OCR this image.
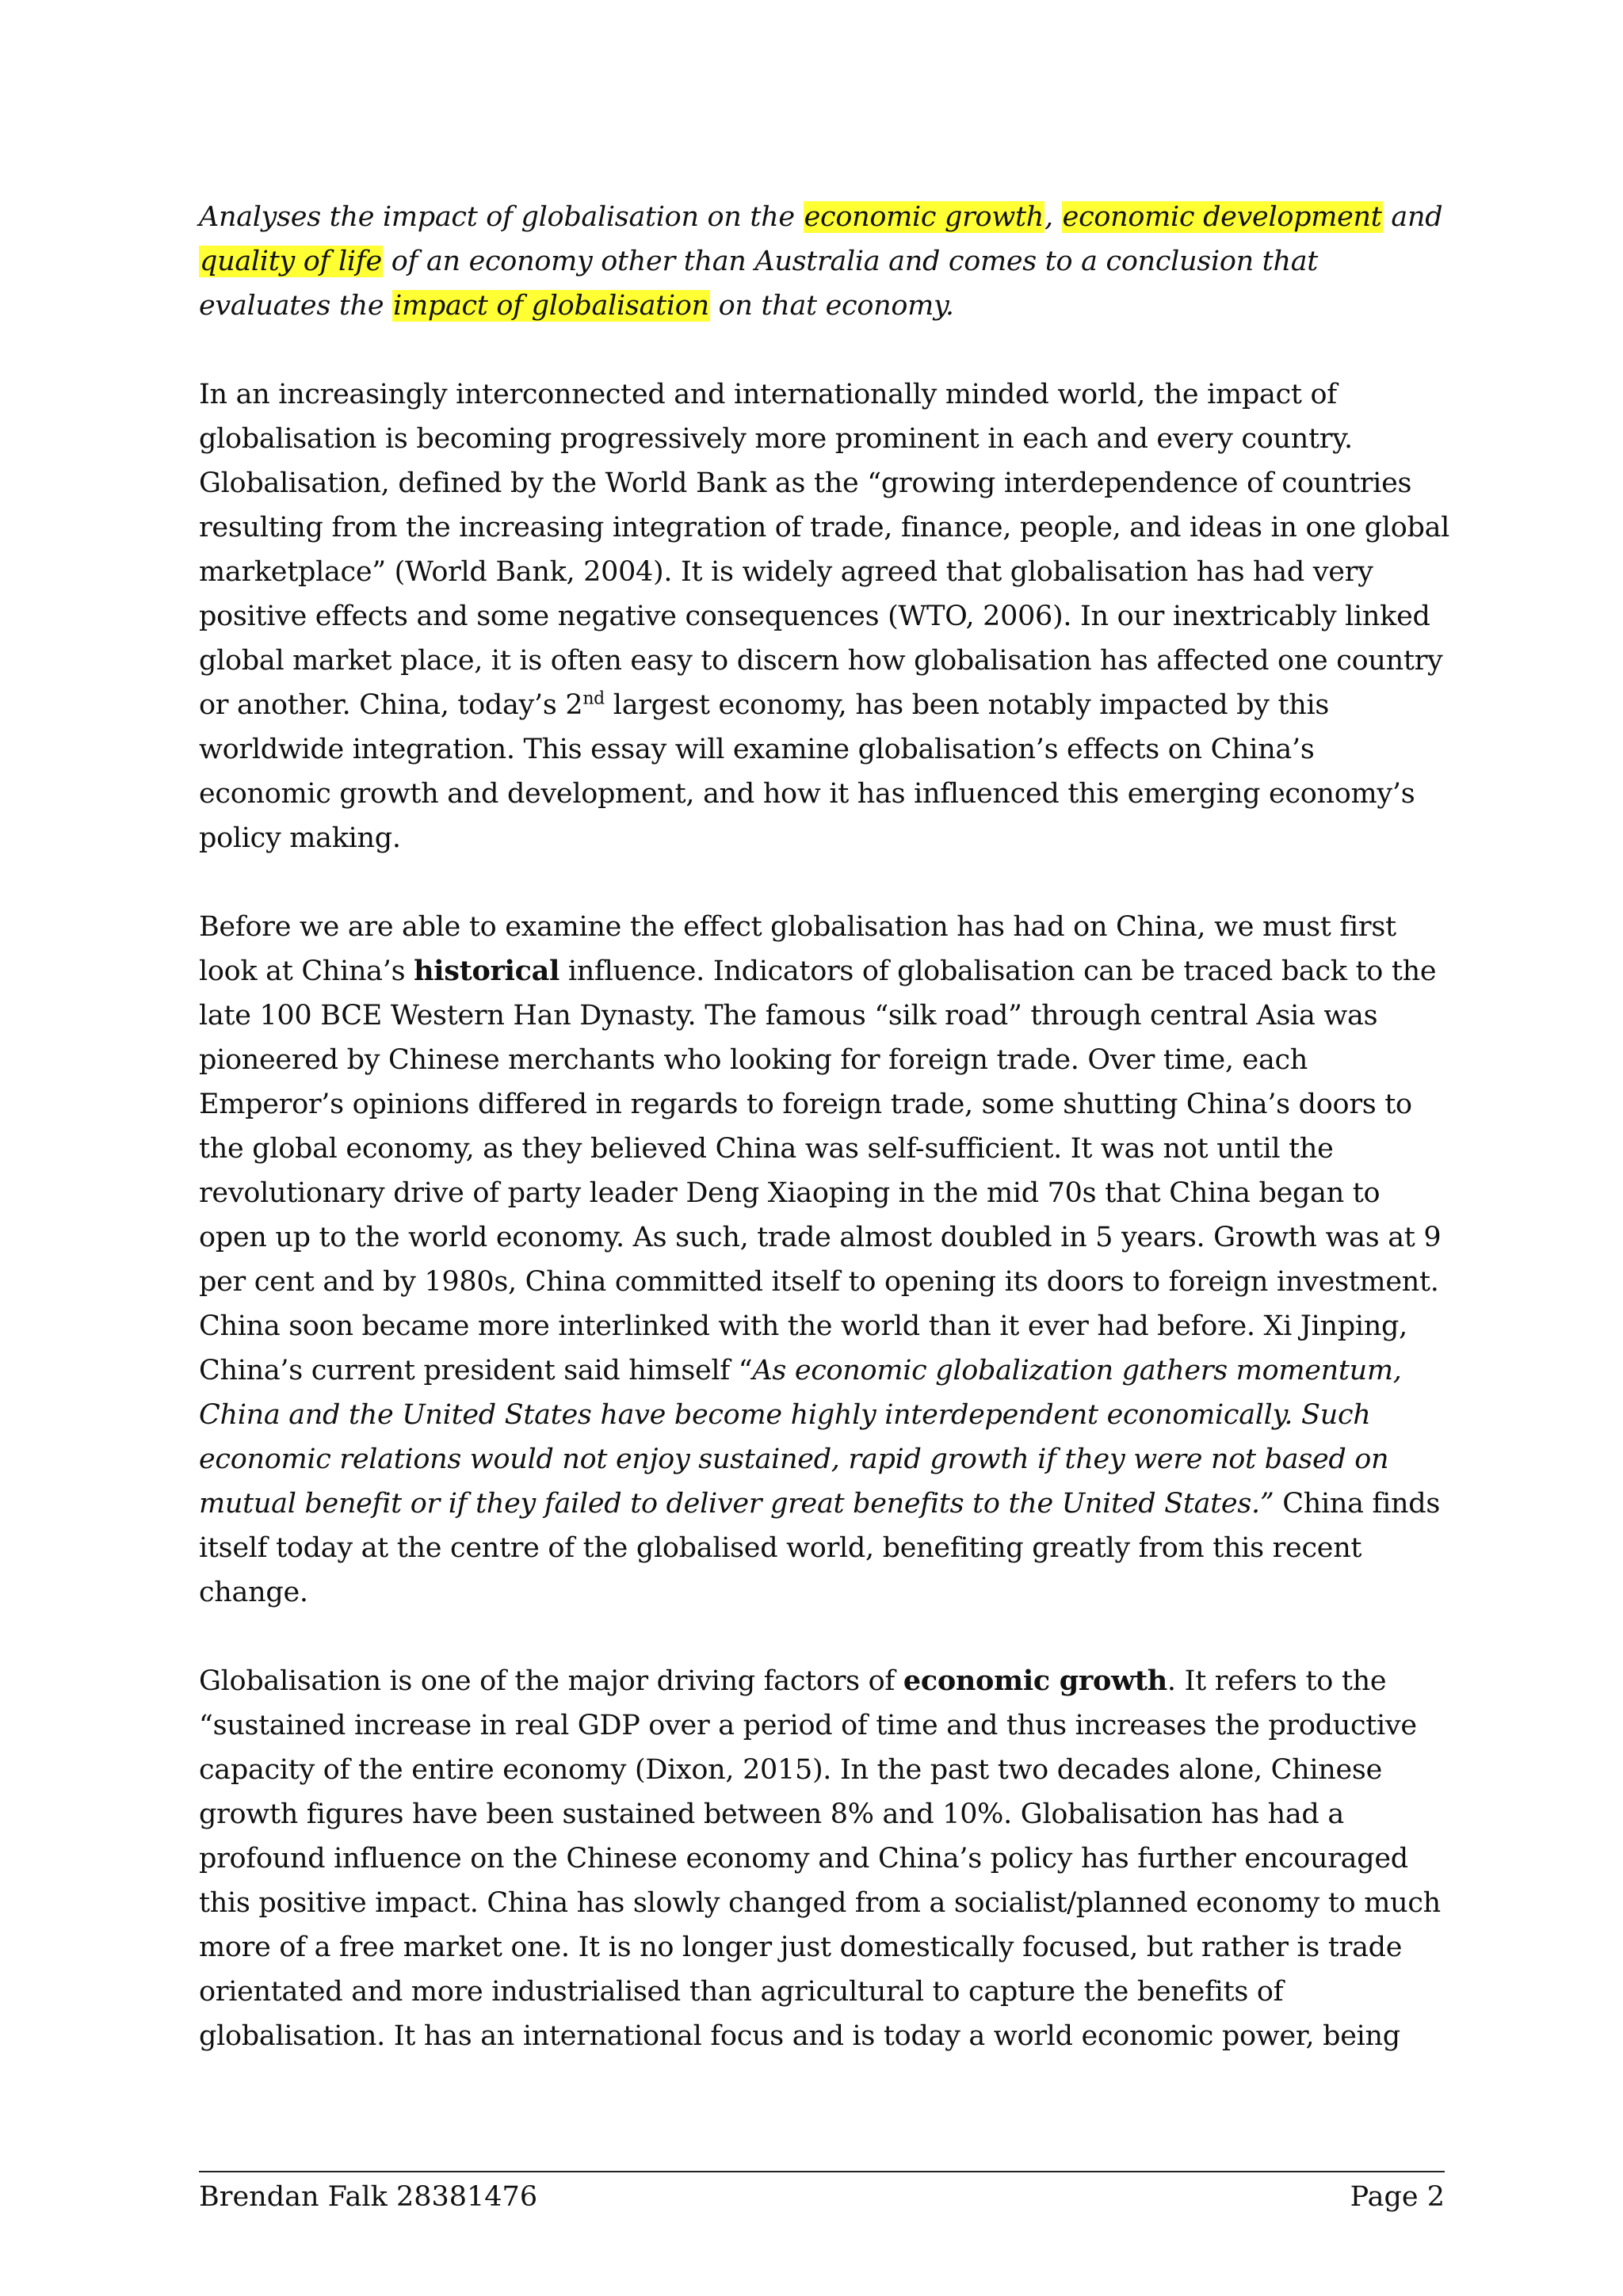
Analyses the impact of globalisation on the economic growth, economic development and quality of life of an economy other than Australia and comes to a conclusion that evaluates the impact of globalisation on that economy.

In an increasingly interconnected and internationally minded world, the impact of globalisation is becoming progressively more prominent in each and every country. Globalisation, defined by the World Bank as the “growing interdependence of countries resulting from the increasing integration of trade, finance, people, and ideas in one global marketplace” (World Bank, 2004). It is widely agreed that globalisation has had very positive effects and some negative consequences (WTO, 2006). In our inextricably linked global market place, it is often easy to discern how globalisation has affected one country or another. China, today’s 2nd largest economy, has been notably impacted by this worldwide integration. This essay will examine globalisation’s effects on China’s economic growth and development, and how it has influenced this emerging economy’s policy making.

Before we are able to examine the effect globalisation has had on China, we must first look at China’s historical influence. Indicators of globalisation can be traced back to the late 100 BCE Western Han Dynasty. The famous “silk road” through central Asia was pioneered by Chinese merchants who looking for foreign trade. Over time, each Emperor’s opinions differed in regards to foreign trade, some shutting China’s doors to the global economy, as they believed China was self-sufficient. It was not until the revolutionary drive of party leader Deng Xiaoping in the mid 70s that China began to open up to the world economy. As such, trade almost doubled in 5 years. Growth was at 9 per cent and by 1980s, China committed itself to opening its doors to foreign investment. China soon became more interlinked with the world than it ever had before. Xi Jinping, China’s current president said himself “As economic globalization gathers momentum, China and the United States have become highly interdependent economically. Such economic relations would not enjoy sustained, rapid growth if they were not based on mutual benefit or if they failed to deliver great benefits to the United States.” China finds itself today at the centre of the globalised world, benefiting greatly from this recent change.

Globalisation is one of the major driving factors of economic growth. It refers to the “sustained increase in real GDP over a period of time and thus increases the productive capacity of the entire economy (Dixon, 2015). In the past two decades alone, Chinese growth figures have been sustained between 8% and 10%. Globalisation has had a profound influence on the Chinese economy and China’s policy has further encouraged this positive impact. China has slowly changed from a socialist/planned economy to much more of a free market one. It is no longer just domestically focused, but rather is trade orientated and more industrialised than agricultural to capture the benefits of globalisation. It has an international focus and is today a world economic power, being

Brendan Falk 28381476	Page 2
